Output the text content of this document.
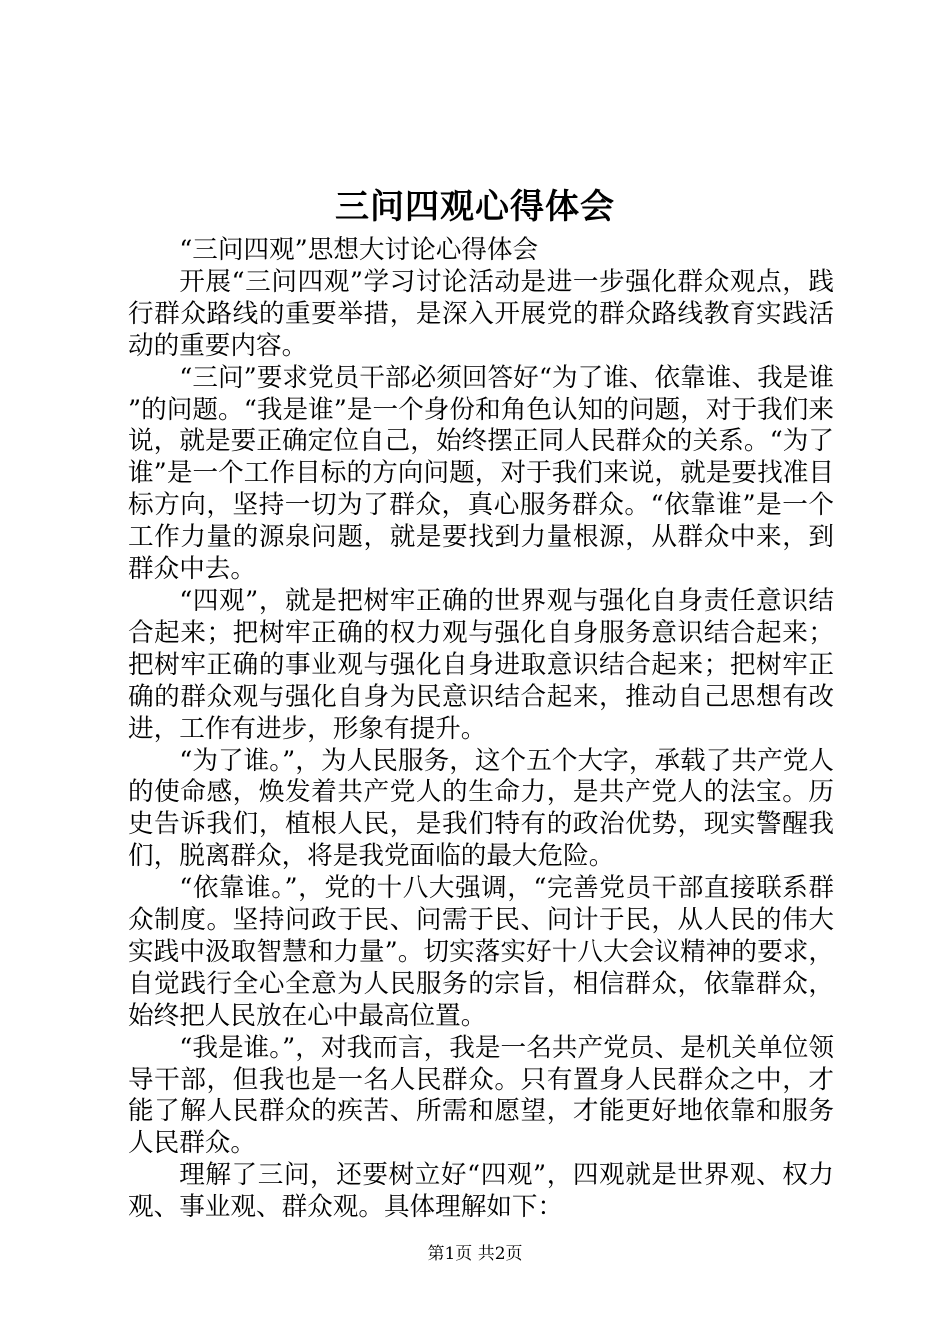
三问四观心得体会

“三问四观”思想大讨论心得体会

开展“三问四观”学习讨论活动是进一步强化群众观点，践行群众路线的重要举措，是深入开展党的群众路线教育实践活动的重要内容。

“三问”要求党员干部必须回答好“为了谁、依靠谁、我是谁”的问题。“我是谁”是一个身份和角色认知的问题，对于我们来说，就是要正确定位自己，始终摆正同人民群众的关系。“为了谁”是一个工作目标的方向问题，对于我们来说，就是要找准目标方向，坚持一切为了群众，真心服务群众。“依靠谁”是一个工作力量的源泉问题，就是要找到力量根源，从群众中来，到群众中去。

“四观”，就是把树牢正确的世界观与强化自身责任意识结合起来；把树牢正确的权力观与强化自身服务意识结合起来；把树牢正确的事业观与强化自身进取意识结合起来；把树牢正确的群众观与强化自身为民意识结合起来，推动自己思想有改进，工作有进步，形象有提升。

“为了谁。”，为人民服务，这个五个大字，承载了共产党人的使命感，焕发着共产党人的生命力，是共产党人的法宝。历史告诉我们，植根人民，是我们特有的政治优势，现实警醒我们，脱离群众，将是我党面临的最大危险。

“依靠谁。”，党的十八大强调，“完善党员干部直接联系群众制度。坚持问政于民、问需于民、问计于民，从人民的伟大实践中汲取智慧和力量”。切实落实好十八大会议精神的要求，自觉践行全心全意为人民服务的宗旨，相信群众，依靠群众，始终把人民放在心中最高位置。

“我是谁。”，对我而言，我是一名共产党员、是机关单位领导干部，但我也是一名人民群众。只有置身人民群众之中，才能了解人民群众的疾苦、所需和愿望，才能更好地依靠和服务人民群众。

理解了三问，还要树立好“四观”，四观就是世界观、权力观、事业观、群众观。具体理解如下：

第1页 共2页
